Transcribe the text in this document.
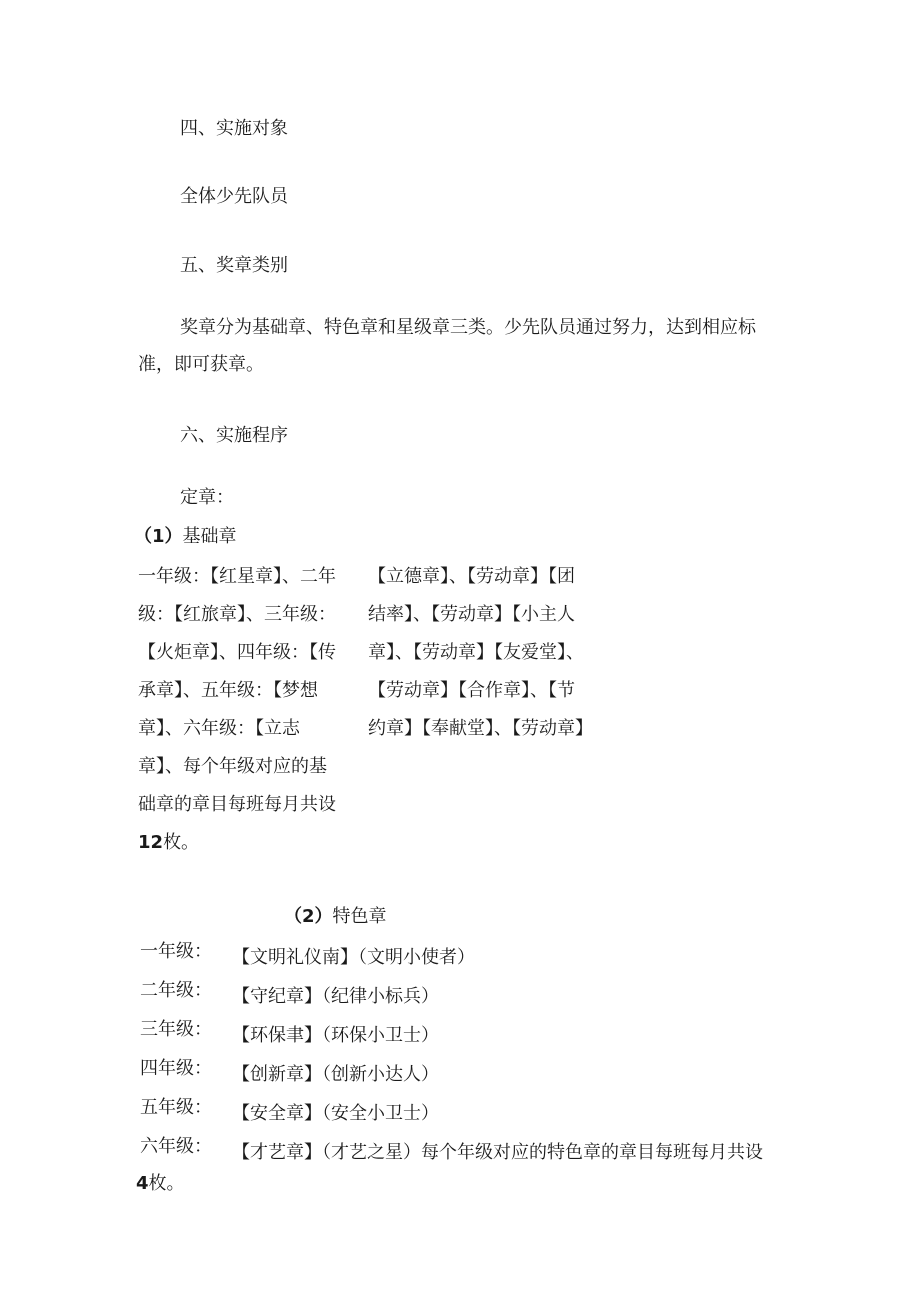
四、实施对象

全体少先队员

五、奖章类别

奖章分为基础章、特色章和星级章三类。少先队员通过努力，达到相应标

准，即可获章。

六、实施程序

定章：

（1）基础章

一年级：【红星章】、二年
级：【红旅章】、三年级：
【火炬章】、四年级：【传
承章】、五年级：【梦想
章】、六年级：【立志
章】、每个年级对应的基
础章的章目每班每月共设
12枚。
【立德章】、【劳动章】【团
结率】、【劳动章】【小主人
章】、【劳动章】【友爱堂】、
【劳动章】【合作章】、【节
约章】【奉献堂】、【劳动章】

（2）特色章

一年级：
二年级：
三年级：
四年级：
五年级：
六年级：
【文明礼仪南】（文明小使者）
【守纪章】（纪律小标兵）
【环保聿】（环保小卫士）
【创新章】（创新小达人）
【安全章】（安全小卫士）
【才艺章】（才艺之星）每个年级对应的特色章的章目每班每月共设

4枚。
